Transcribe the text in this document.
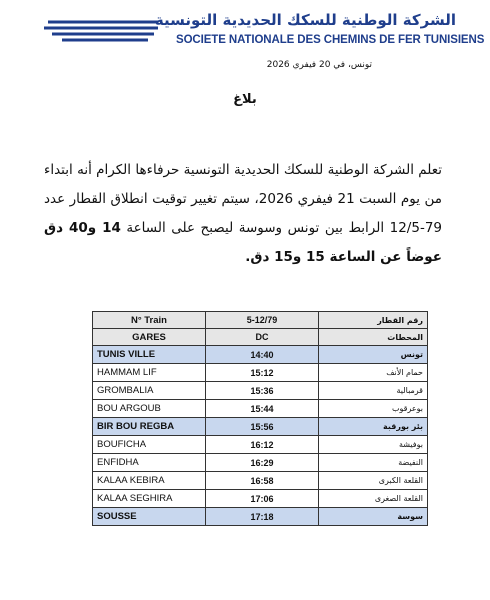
الشركة الوطنية للسكك الحديدية التونسية
SOCIETE NATIONALE DES CHEMINS DE FER TUNISIENS
تونس، في 20 فيفري 2026
بلاغ
تعلم الشركة الوطنية للسكك الحديدية التونسية حرفاءها الكرام أنه ابتداء من يوم السبت 21 فيفري 2026، سيتم تغيير توقيت انطلاق القطار عدد 79-12/5 الرابط بين تونس وسوسة ليصبح على الساعة 14 و40 دق عوضاً عن الساعة 15 و15 دق.
N° Train	5-12/79	رقم القطار
GARES	DC	المحطات
TUNIS VILLE	14:40	تونس
HAMMAM LIF	15:12	حمام الأنف
GROMBALIA	15:36	قرمبالية
BOU ARGOUB	15:44	بوعرقوب
BIR BOU REGBA	15:56	بئر بورقبة
BOUFICHA	16:12	بوفيشة
ENFIDHA	16:29	النفيضة
KALAA KEBIRA	16:58	القلعة الكبرى
KALAA SEGHIRA	17:06	القلعة الصغرى
SOUSSE	17:18	سوسة
